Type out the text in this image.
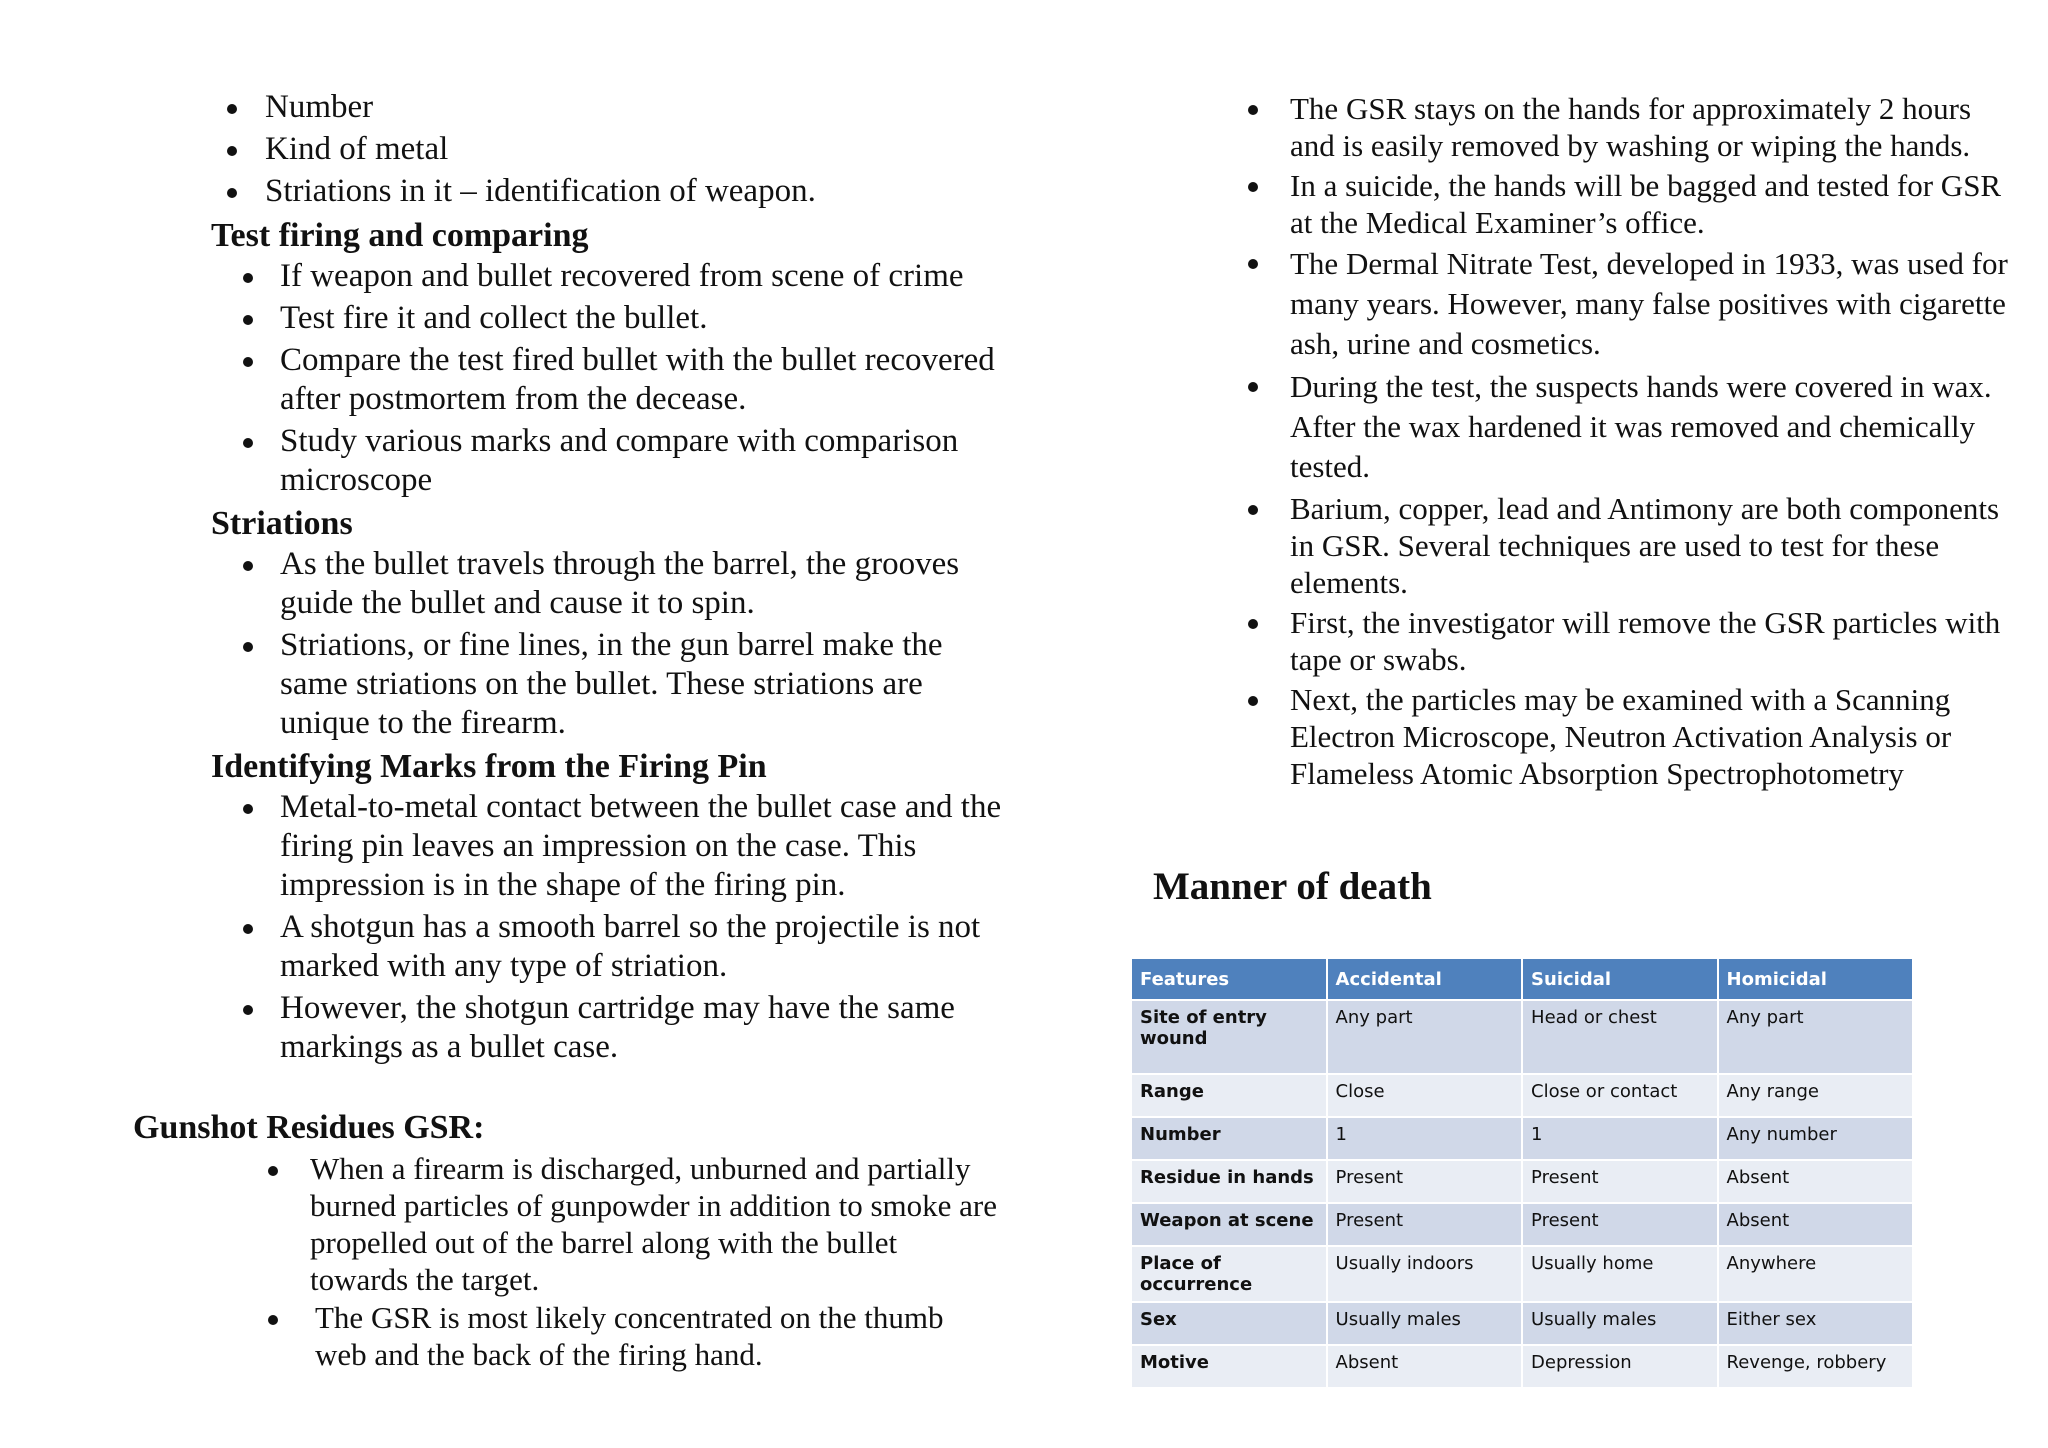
Number
Kind of metal
Striations in it – identification of weapon.
Test firing and comparing
If weapon and bullet recovered from scene of crime
Test fire it and collect the bullet.
Compare the test fired bullet with the bullet recovered after postmortem from the decease.
Study various marks and compare with comparison microscope
Striations
As the bullet travels through the barrel, the grooves guide the bullet and cause it to spin.
Striations, or fine lines, in the gun barrel make the same striations on the bullet. These striations are unique to the firearm.
Identifying Marks from the Firing Pin
Metal-to-metal contact between the bullet case and the firing pin leaves an impression on the case. This impression is in the shape of the firing pin.
A shotgun has a smooth barrel so the projectile is not marked with any type of striation.
However, the shotgun cartridge may have the same markings as a bullet case.
Gunshot Residues GSR:
When a firearm is discharged, unburned and partially burned particles of gunpowder in addition to smoke are propelled out of the barrel along with the bullet towards the target.
The GSR is most likely concentrated on the thumb web and the back of the firing hand.
The GSR stays on the hands for approximately 2 hours and is easily removed by washing or wiping the hands.
In a suicide, the hands will be bagged and tested for GSR at the Medical Examiner’s office.
The Dermal Nitrate Test, developed in 1933, was used for many years. However, many false positives with cigarette ash, urine and cosmetics.
During the test, the suspects hands were covered in wax. After the wax hardened it was removed and chemically tested.
Barium, copper, lead and Antimony are both components in GSR. Several techniques are used to test for these elements.
First, the investigator will remove the GSR particles with tape or swabs.
Next, the particles may be examined with a Scanning Electron Microscope, Neutron Activation Analysis or Flameless Atomic Absorption Spectrophotometry
Manner of death
Features	Accidental	Suicidal	Homicidal
Site of entry wound	Any part	Head or chest	Any part
Range	Close	Close or contact	Any range
Number	1	1	Any number
Residue in hands	Present	Present	Absent
Weapon at scene	Present	Present	Absent
Place of occurrence	Usually indoors	Usually home	Anywhere
Sex	Usually males	Usually males	Either sex
Motive	Absent	Depression	Revenge, robbery
